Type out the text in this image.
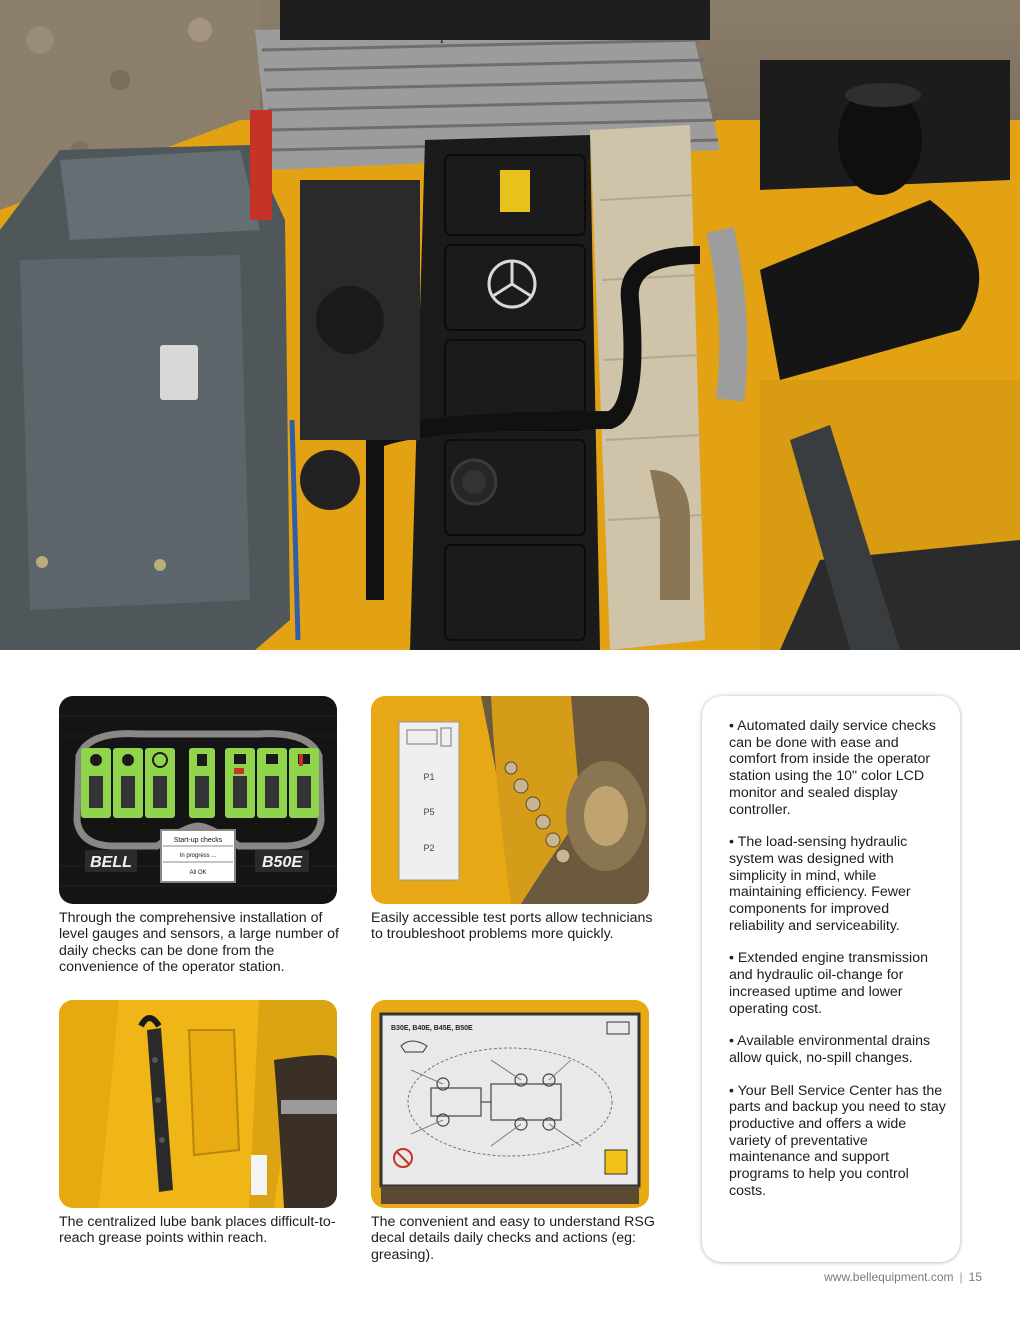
https://truckmanualshub.com/
Start-up checks
In progress ...
All OK
BELL	B50E
Through the comprehensive installation of level gauges and sensors, a large number of daily checks can be done from the convenience of the operator station.
P1
P5
P2
Easily accessible test ports allow technicians to troubleshoot problems more quickly.
The centralized lube bank places difficult-to-reach grease points within reach.
B30E, B40E, B45E, B50E
The convenient and easy to understand RSG decal details daily checks and actions (eg: greasing).

• Automated daily service checks can be done with ease and comfort from inside the operator station using the 10" color LCD monitor and sealed display controller.

• The load-sensing hydraulic system was designed with simplicity in mind, while maintaining efficiency. Fewer components for improved reliability and serviceability.

• Extended engine transmission and hydraulic oil-change for increased uptime and lower operating cost.

• Available environmental drains allow quick, no-spill changes.

• Your Bell Service Center has the parts and backup you need to stay productive and offers a wide variety of preventative maintenance and support programs to help you control costs.

www.bellequipment.com | 15
